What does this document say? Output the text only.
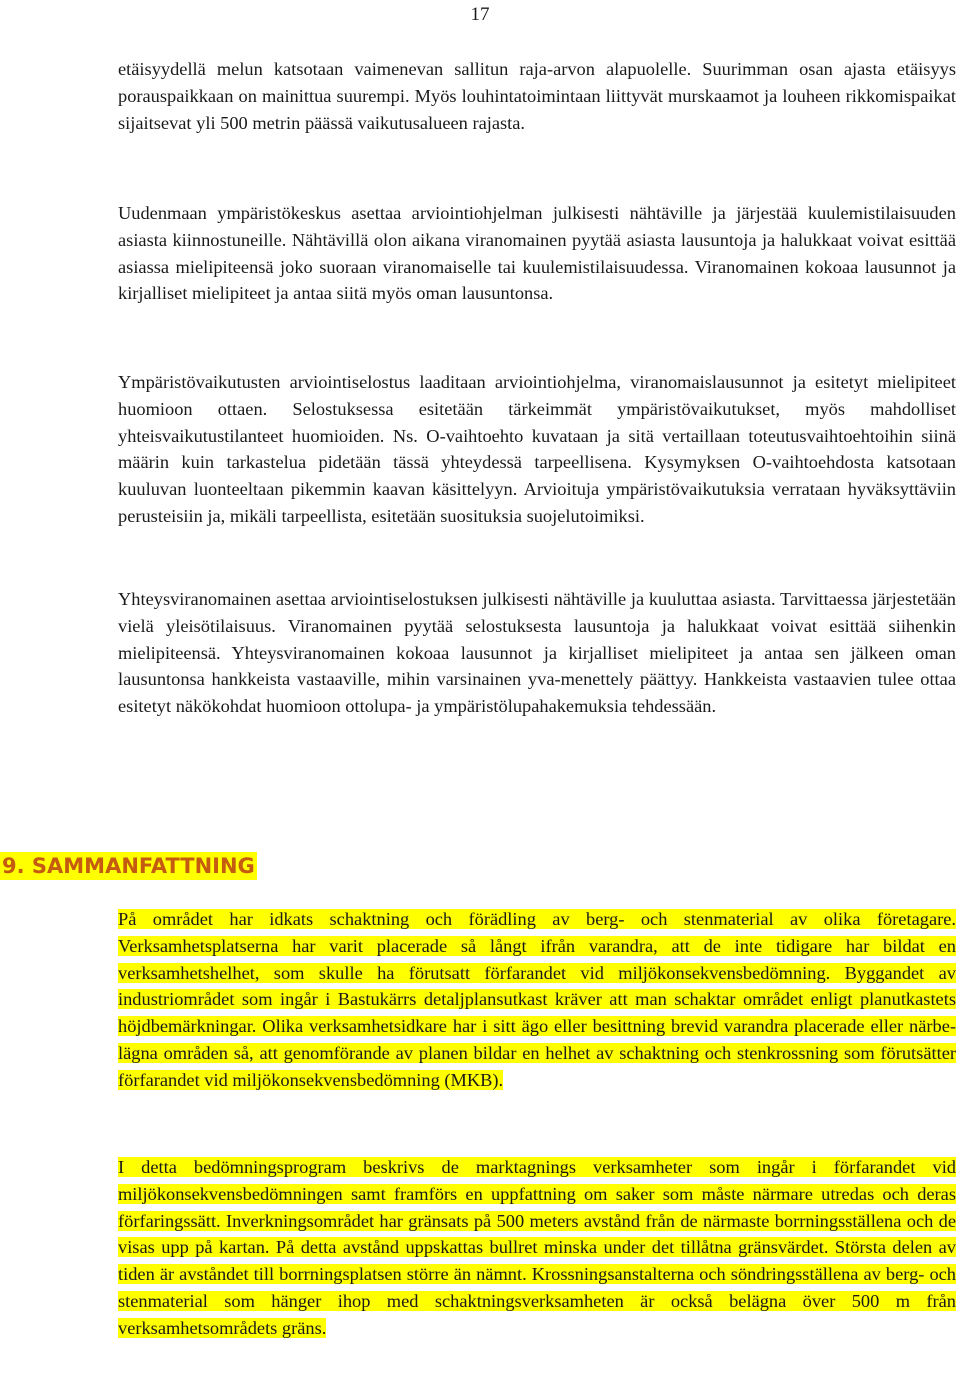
17

etäisyydellä melun katsotaan vaimenevan sallitun raja-arvon alapuolelle. Suurimman osan ajasta etäisyys porauspaikkaan on mainittua suurempi. Myös louhintatoimintaan liittyvät murskaamot ja louheen rikkomispaikat sijaitsevat yli 500 metrin päässä vaikutusalueen rajasta.

Uudenmaan ympäristökeskus asettaa arviointiohjelman julkisesti nähtäville ja järjestää kuulemistilaisuuden asiasta kiinnostuneille. Nähtävillä olon aikana viranomainen pyytää asiasta lausuntoja ja halukkaat voivat esittää asiassa mielipiteensä joko suoraan viranomaiselle tai kuulemistilaisuudessa. Viranomainen kokoaa lausunnot ja kirjalliset mielipiteet ja antaa siitä myös oman lausuntonsa.

Ympäristövaikutusten arviointiselostus laaditaan arviointiohjelma, viranomaislausunnot ja esitetyt mielipiteet huomioon ottaen. Selostuksessa esitetään tärkeimmät ympäristövaikutukset, myös mahdolliset yhteisvaikutustilanteet huomioiden. Ns. O-vaihtoehto kuvataan ja sitä vertaillaan toteutusvaihtoehtoihin siinä määrin kuin tarkastelua pidetään tässä yhteydessä tarpeellisena. Kysymyksen O-vaihtoehdosta katsotaan kuuluvan luonteeltaan pikemmin kaavan käsittelyyn. Arvioituja ympäristövaikutuksia verrataan hyväksyttäviin perusteisiin ja, mikäli tarpeellista, esitetään suosituksia suojelutoimiksi.

Yhteysviranomainen asettaa arviointiselostuksen julkisesti nähtäville ja kuuluttaa asiasta. Tarvittaessa järjestetään vielä yleisötilaisuus. Viranomainen pyytää selostuksesta lausuntoja ja halukkaat voivat esittää siihenkin mielipiteensä. Yhteysviranomainen kokoaa lausunnot ja kirjalliset mielipiteet ja antaa sen jälkeen oman lausuntonsa hankkeista vastaaville, mihin varsinainen yva-menettely päättyy. Hankkeista vastaavien tulee ottaa esitetyt näkökohdat huomioon ottolupa- ja ympäristölupahakemuksia tehdessään.

9. SAMMANFATTNING

På området har idkats schaktning och förädling av berg- och stenmaterial av olika företagare. Verksamhetsplatserna har varit placerade så långt ifrån varandra, att de inte tidigare har bildat en verksamhetshelhet, som skulle ha förutsatt förfarandet vid miljökonsekvensbedömning. Byggandet av industriområdet som ingår i Bastukärrs detaljplansutkast kräver att man schaktar området enligt planutkastets höjdbemärkningar. Olika verksamhetsidkare har i sitt ägo eller besittning brevid varandra placerade eller närbelägna områden så, att genomförande av planen bildar en helhet av schaktning och stenkrossning som förutsätter förfarandet vid miljökonsekvensbedömning (MKB).

I detta bedömningsprogram beskrivs de marktagnings verksamheter som ingår i förfarandet vid miljökonsekvensbedömningen samt framförs en uppfattning om saker som måste närmare utredas och deras förfaringssätt. Inverkningsområdet har gränsats på 500 meters avstånd från de närmaste borrningsställena och de visas upp på kartan. På detta avstånd uppskattas bullret minska under det tillåtna gränsvärdet. Största delen av tiden är avståndet till borrningsplatsen större än nämnt. Krossningsanstalterna och söndringsställena av berg- och stenmaterial som hänger ihop med schaktningsverksamheten är också belägna över 500 m från verksamhetsområdets gräns.
